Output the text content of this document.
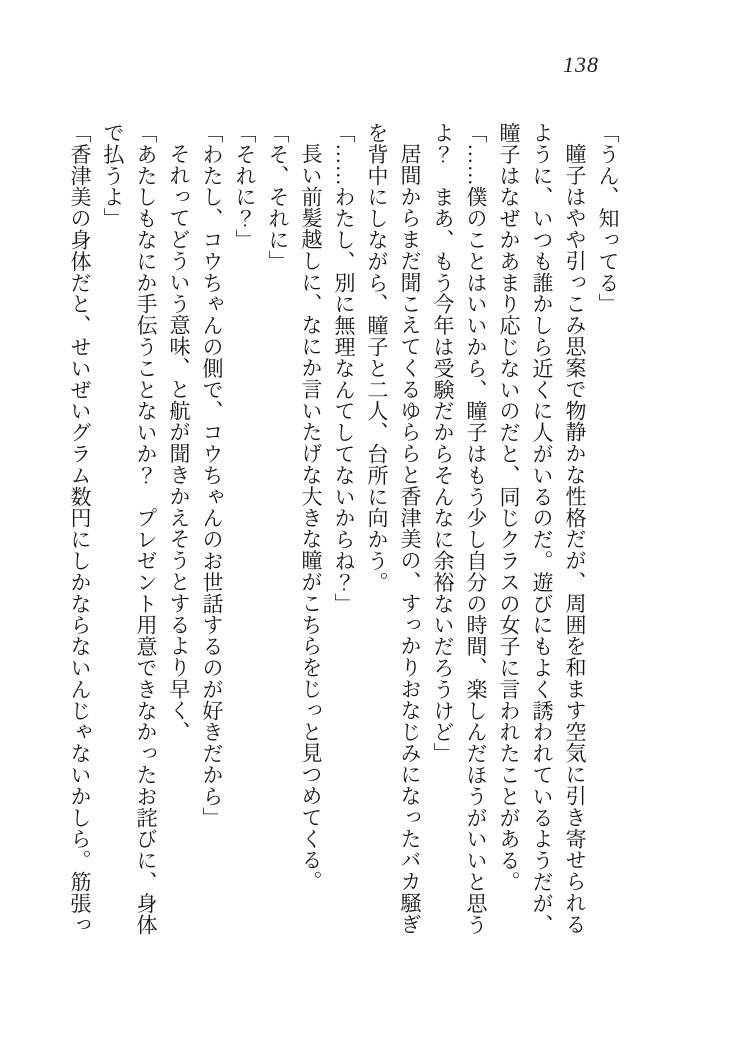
138

「うん、知ってる」

瞳子はやや引っこみ思案で物静かな性格だが、周囲を和ます空気に引き寄せられる

ように、いつも誰かしら近くに人がいるのだ。遊びにもよく誘われているようだが、

瞳子はなぜかあまり応じないのだと、同じクラスの女子に言われたことがある。

「……僕のことはいいから、瞳子はもう少し自分の時間、楽しんだほうがいいと思う

よ？　まあ、もう今年は受験だからそんなに余裕ないだろうけど」

居間からまだ聞こえてくるゆららと香津美の、すっかりおなじみになったバカ騒ぎ

を背中にしながら、瞳子と二人、台所に向かう。

「……わたし、別に無理なんてしてないからね？」

長い前髪越しに、なにか言いたげな大きな瞳がこちらをじっと見つめてくる。

「そ、それに」

「それに？」

「わたし、コウちゃんの側で、コウちゃんのお世話するのが好きだから」

それってどういう意味、と航が聞きかえそうとするより早く、

「あたしもなにか手伝うことないか？　プレゼント用意できなかったお詫びに、身体

で払うよ」

「香津美の身体だと、せいぜいグラム数円にしかならないんじゃないかしら。筋張っ
